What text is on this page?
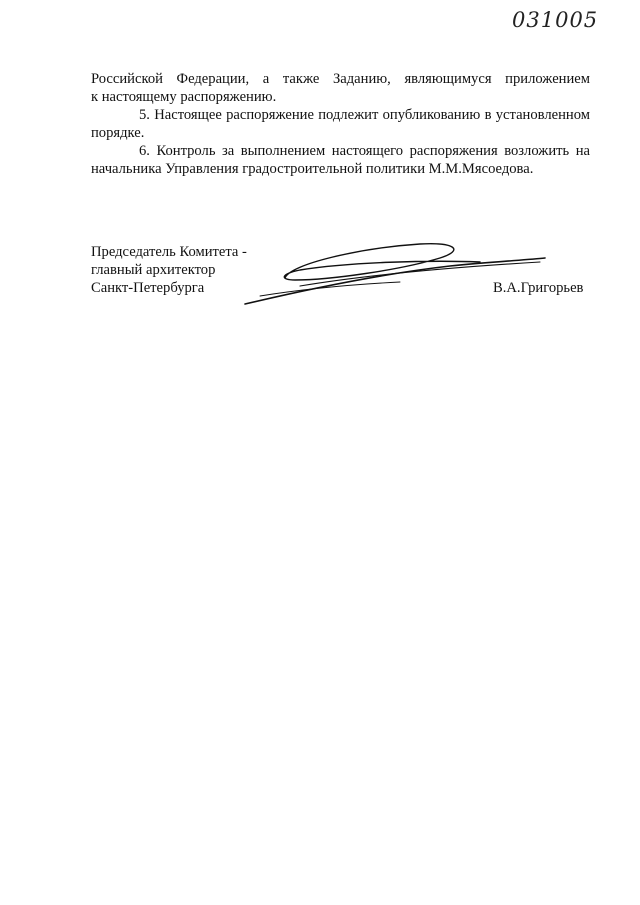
031005
Российской Федерации, а также Заданию, являющимуся приложением
к настоящему распоряжению.
5. Настоящее распоряжение подлежит опубликованию в установленном
порядке.
6. Контроль за выполнением настоящего распоряжения возложить на
начальника Управления градостроительной политики М.М.Мясоедова.
Председатель Комитета -
главный архитектор
Санкт-Петербурга	В.А.Григорьев
